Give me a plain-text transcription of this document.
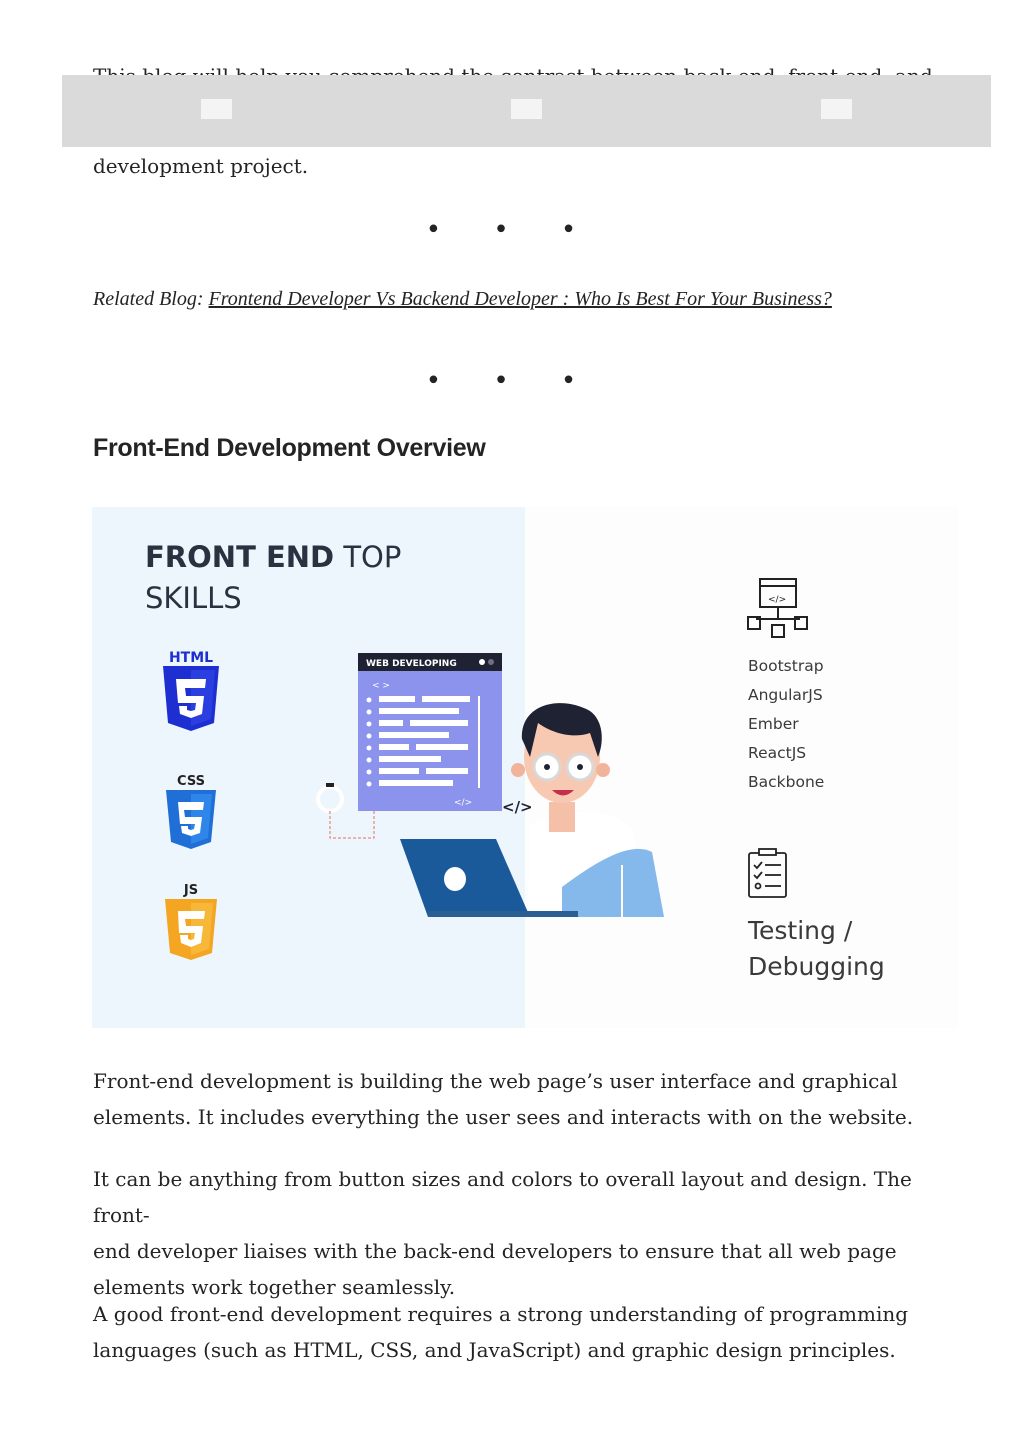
development project.
• • •
Related Blog: Frontend Developer Vs Backend Developer : Who Is Best For Your Business?
• • •
Front-End Development Overview
FRONT END TOP
SKILLS
HTML
CSS
JS
WEB DEVELOPING
< >
</> </>
</>
Bootstrap
AngularJS
Ember
ReactJS
Backbone
Testing /
Debugging
Front-end development is building the web page’s user interface and graphical
elements. It includes everything the user sees and interacts with on the website.
It can be anything from button sizes and colors to overall layout and design. The front-
end developer liaises with the back-end developers to ensure that all web page
elements work together seamlessly.
A good front-end development requires a strong understanding of programming
languages (such as HTML, CSS, and JavaScript) and graphic design principles.
